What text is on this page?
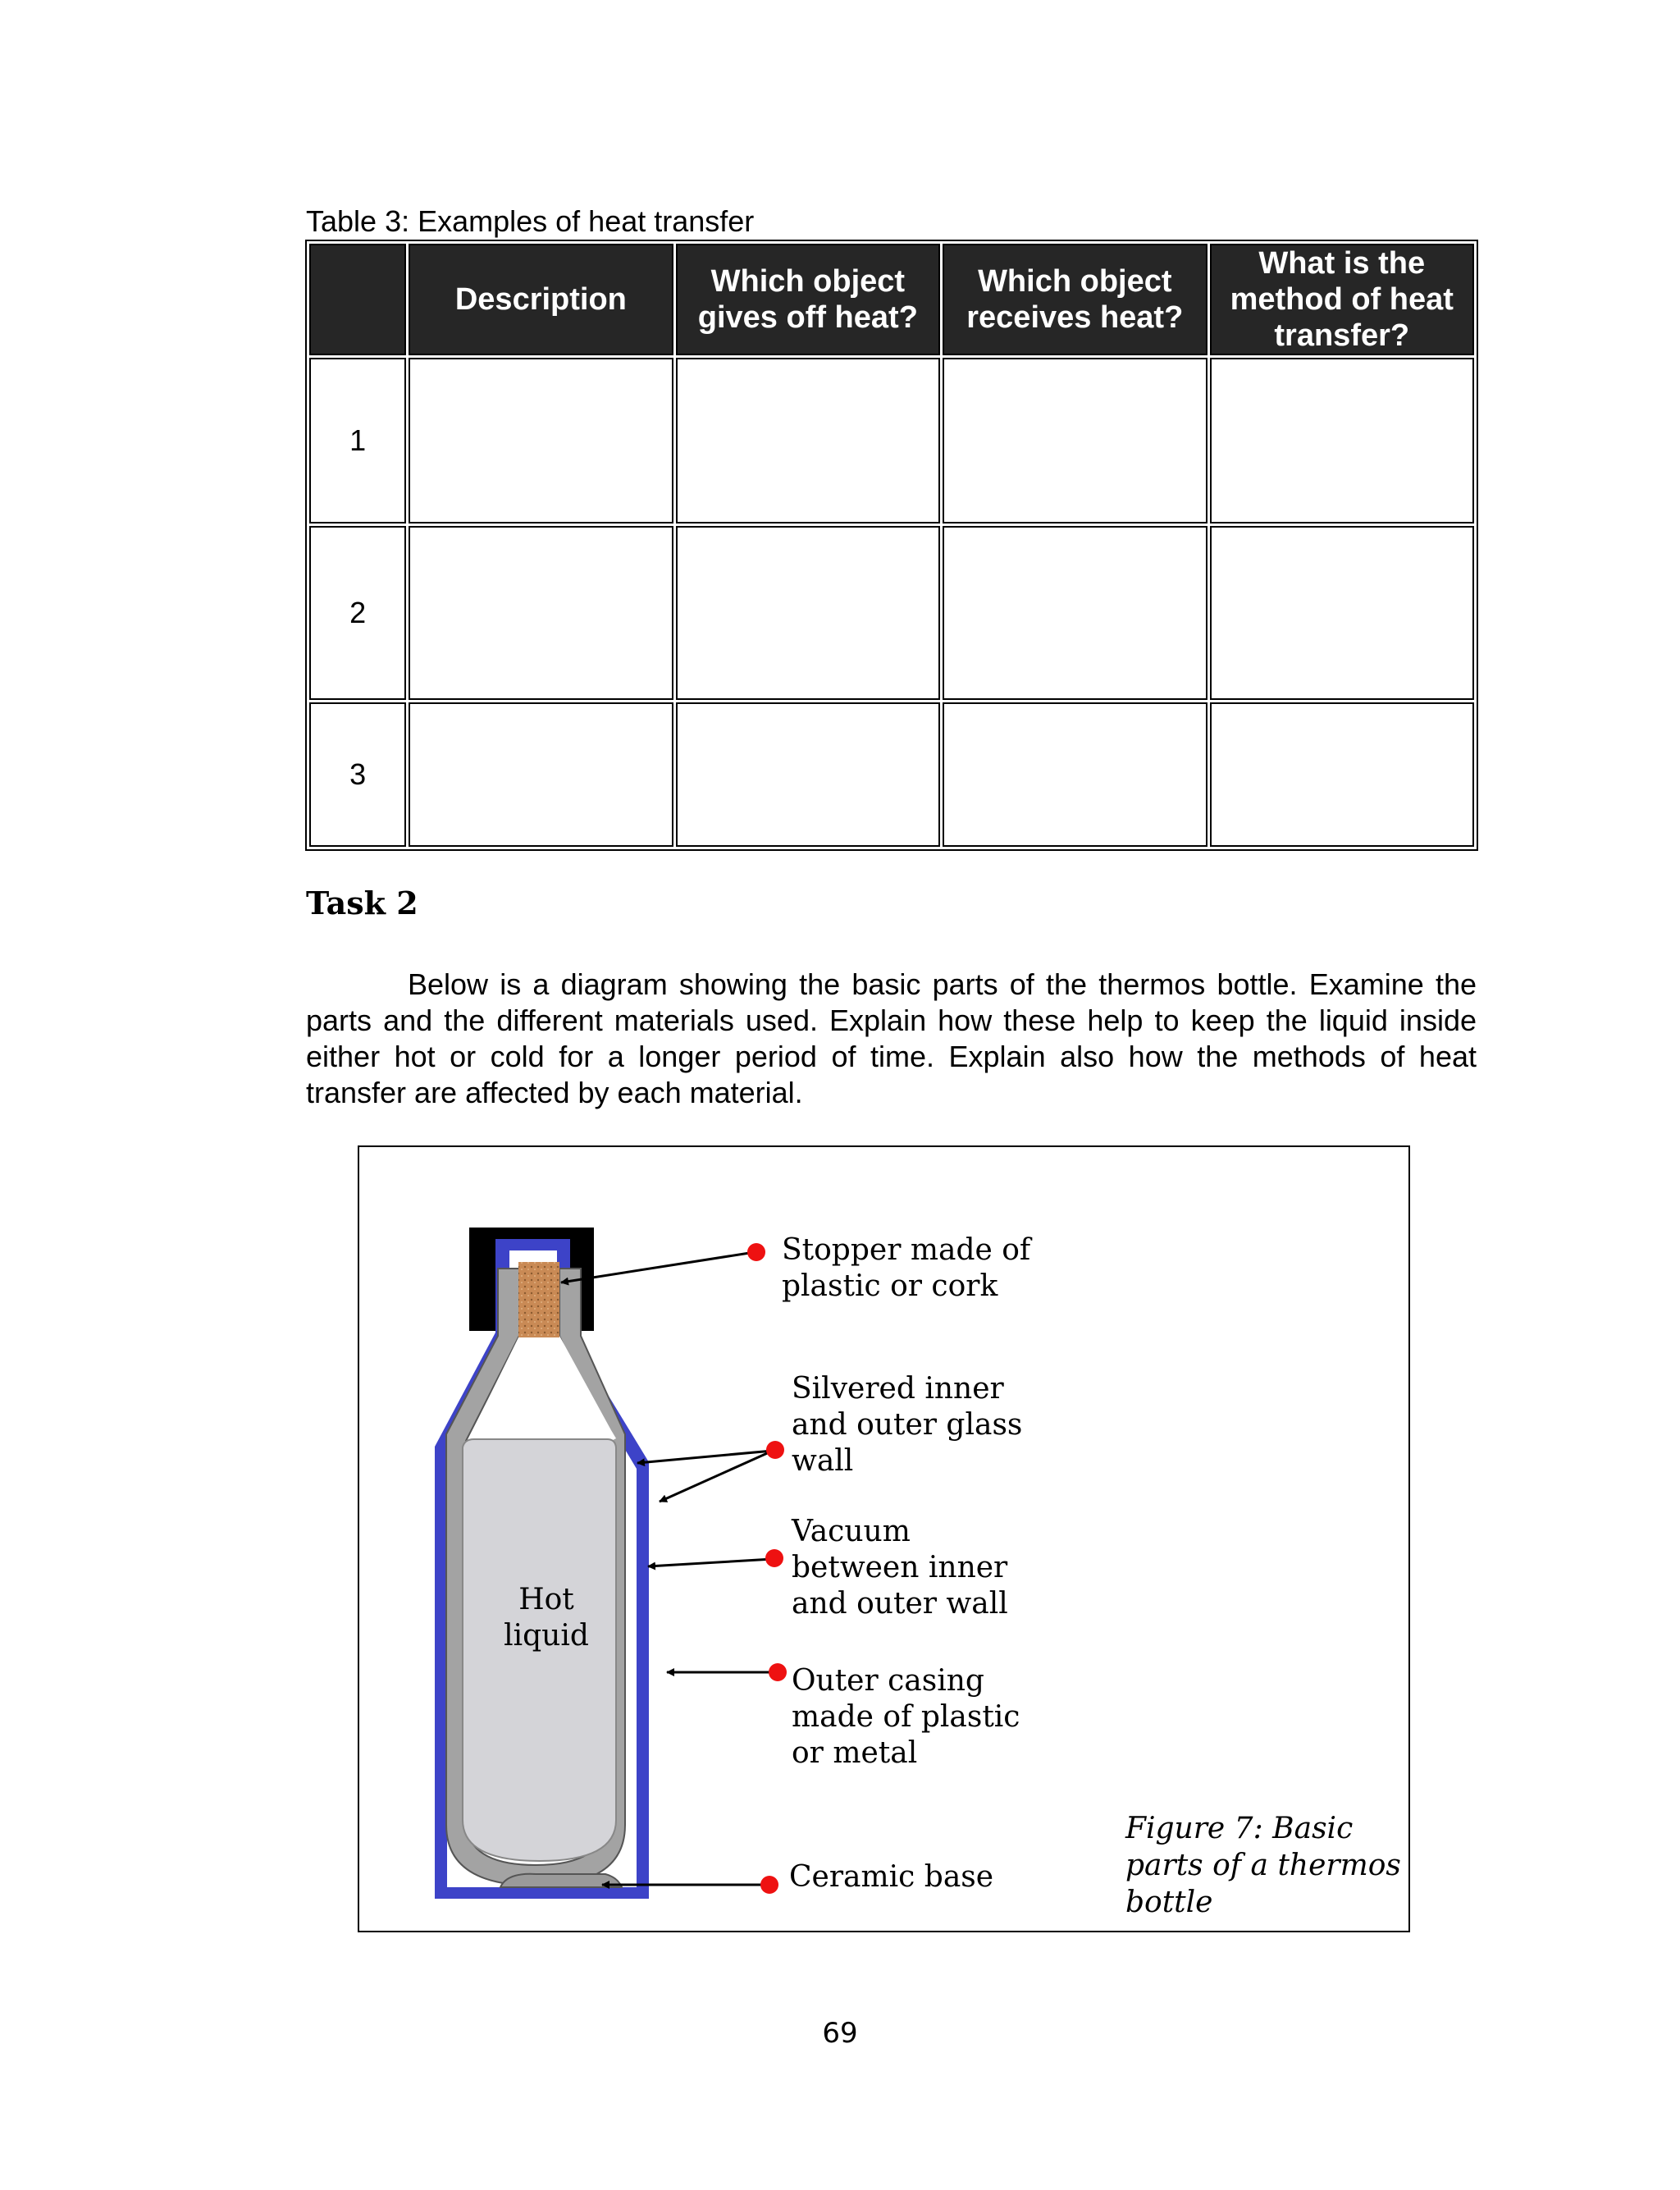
Table 3: Examples of heat transfer
	Description	Which object gives off heat?	Which object receives heat?	What is the method of heat transfer?
1				
2				
3				
Task 2
Below is a diagram showing the basic parts of the thermos bottle. Examine the parts and the different materials used. Explain how these help to keep the liquid inside either hot or cold for a longer period of time. Explain also how the methods of heat transfer are affected by each material.
Hot
liquid
Stopper made of
plastic or cork
Silvered inner
and outer glass
wall
Vacuum
between inner
and outer wall
Outer casing
made of plastic
or metal
Ceramic base
Figure 7: Basic
parts of a thermos
bottle
69
